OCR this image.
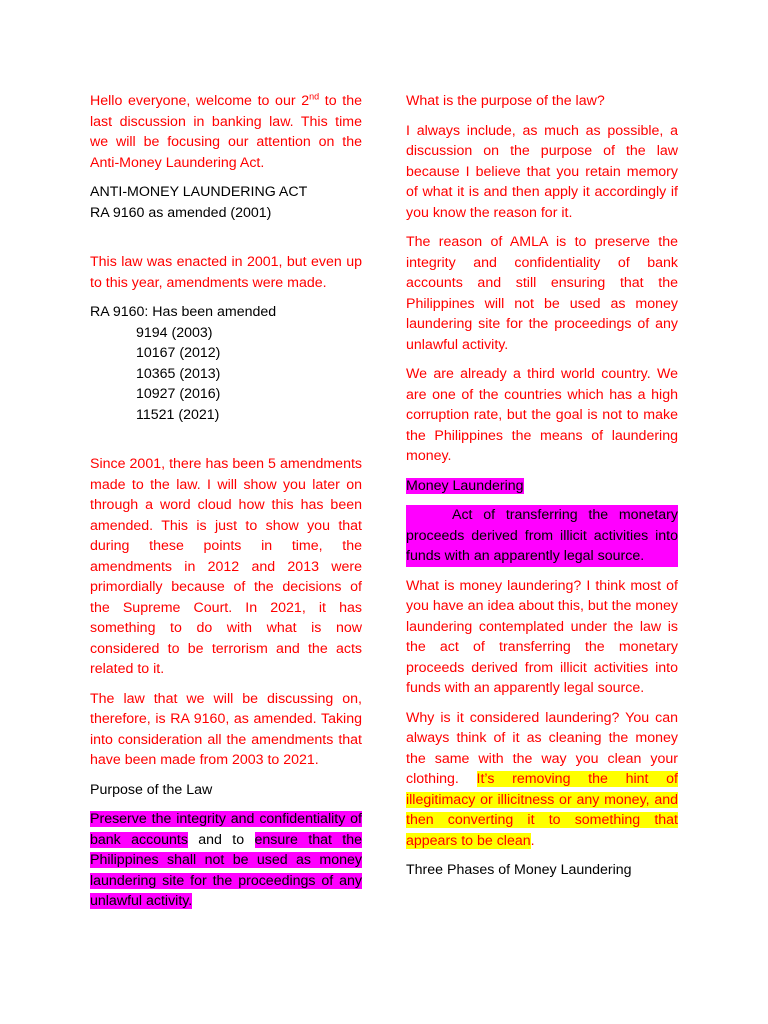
Hello everyone, welcome to our 2nd to the last discussion in banking law. This time we will be focusing our attention on the Anti-Money Laundering Act.

ANTI-MONEY LAUNDERING ACT
RA 9160 as amended (2001)

This law was enacted in 2001, but even up to this year, amendments were made.

RA 9160: Has been amended
9194 (2003)
10167 (2012)
10365 (2013)
10927 (2016)
11521 (2021)

Since 2001, there has been 5 amendments made to the law. I will show you later on through a word cloud how this has been amended. This is just to show you that during these points in time, the amendments in 2012 and 2013 were primordially because of the decisions of the Supreme Court. In 2021, it has something to do with what is now considered to be terrorism and the acts related to it.

The law that we will be discussing on, therefore, is RA 9160, as amended. Taking into consideration all the amendments that have been made from 2003 to 2021.

Purpose of the Law

Preserve the integrity and confidentiality of bank accounts and to ensure that the Philippines shall not be used as money laundering site for the proceedings of any unlawful activity.

What is the purpose of the law?

I always include, as much as possible, a discussion on the purpose of the law because I believe that you retain memory of what it is and then apply it accordingly if you know the reason for it.

The reason of AMLA is to preserve the integrity and confidentiality of bank accounts and still ensuring that the Philippines will not be used as money laundering site for the proceedings of any unlawful activity.

We are already a third world country. We are one of the countries which has a high corruption rate, but the goal is not to make the Philippines the means of laundering money.

Money Laundering

Act of transferring the monetary proceeds derived from illicit activities into funds with an apparently legal source.

What is money laundering? I think most of you have an idea about this, but the money laundering contemplated under the law is the act of transferring the monetary proceeds derived from illicit activities into funds with an apparently legal source.

Why is it considered laundering? You can always think of it as cleaning the money the same with the way you clean your clothing. It’s removing the hint of illegitimacy or illicitness or any money, and then converting it to something that appears to be clean.

Three Phases of Money Laundering
